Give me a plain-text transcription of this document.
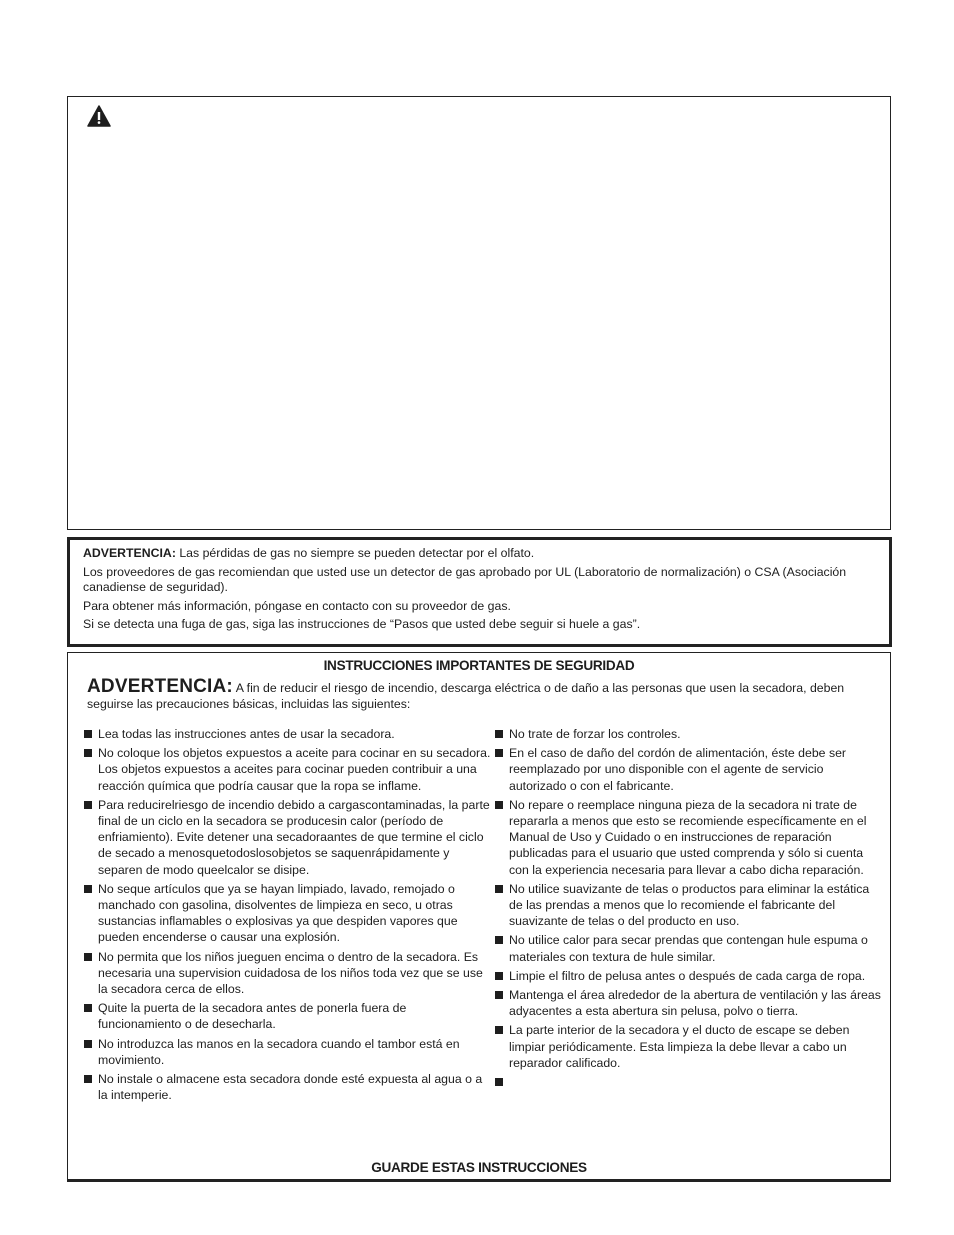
ADVERTENCIA: Las pérdidas de gas no siempre se pueden detectar por el olfato.

Los proveedores de gas recomiendan que usted use un detector de gas aprobado por UL (Laboratorio de normalización) o CSA (Asociación canadiense de seguridad).

Para obtener más información, póngase en contacto con su proveedor de gas.

Si se detecta una fuga de gas, siga las instrucciones de “Pasos que usted debe seguir si huele a gas”.

INSTRUCCIONES IMPORTANTES DE SEGURIDAD
ADVERTENCIA: A fin de reducir el riesgo de incendio, descarga eléctrica o de daño a las personas que usen la secadora, deben seguirse las precauciones básicas, incluidas las siguientes:
Lea todas las instrucciones antes de usar la secadora.
No coloque los objetos expuestos a aceite para cocinar en su secadora. Los objetos expuestos a aceites para cocinar pueden contribuir a una reacción química que podría causar que la ropa se inflame.
Para reducirelriesgo de incendio debido a cargascontaminadas, la parte final de un ciclo en la secadora se producesin calor (período de enfriamiento). Evite detener una secadoraantes de que termine el ciclo de secado a menosquetodoslosobjetos se saquenrápidamente y separen de modo queelcalor se disipe.
No seque artículos que ya se hayan limpiado, lavado, remojado o manchado con gasolina, disolventes de limpieza en seco, u otras sustancias inflamables o explosivas ya que despiden vapores que pueden encenderse o causar una explosión.
No permita que los niños jueguen encima o dentro de la secadora. Es necesaria una supervision cuidadosa de los niños toda vez que se use la secadora cerca de ellos.
Quite la puerta de la secadora antes de ponerla fuera de funcionamiento o de desecharla.
No introduzca las manos en la secadora cuando el tambor está en movimiento.
No instale o almacene esta secadora donde esté expuesta al agua o a la intemperie.
No trate de forzar los controles.
En el caso de daño del cordón de alimentación, éste debe ser reemplazado por uno disponible con el agente de servicio autorizado o con el fabricante.
No repare o reemplace ninguna pieza de la secadora ni trate de repararla a menos que esto se recomiende específicamente en el Manual de Uso y Cuidado o en instrucciones de reparación publicadas para el usuario que usted comprenda y sólo si cuenta con la experiencia necesaria para llevar a cabo dicha reparación.
No utilice suavizante de telas o productos para eliminar la estática de las prendas a menos que lo recomiende el fabricante del suavizante de telas o del producto en uso.
No utilice calor para secar prendas que contengan hule espuma o materiales con textura de hule similar.
Limpie el filtro de pelusa antes o después de cada carga de ropa.
Mantenga el área alrededor de la abertura de ventilación y las áreas adyacentes a esta abertura sin pelusa, polvo o tierra.
La parte interior de la secadora y el ducto de escape se deben limpiar periódicamente. Esta limpieza la debe llevar a cabo un reparador calificado.
GUARDE ESTAS INSTRUCCIONES
